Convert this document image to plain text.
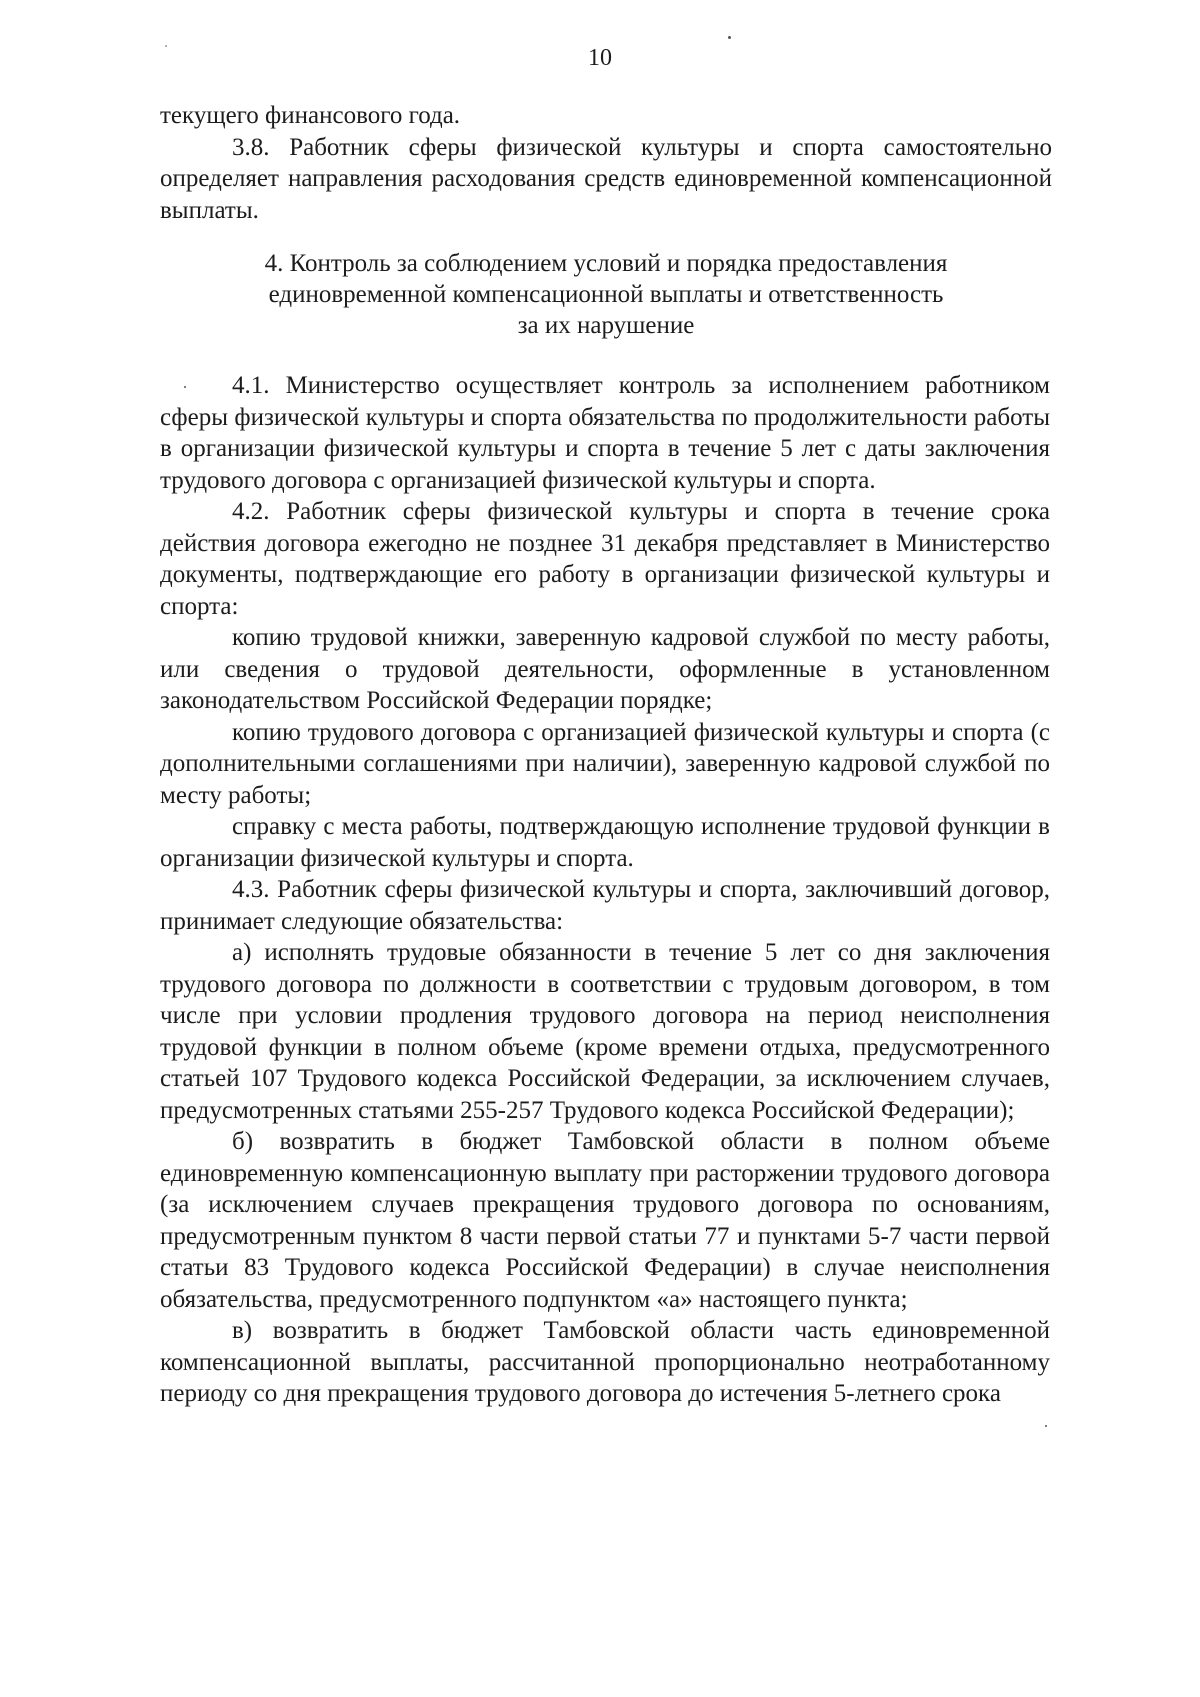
10

текущего финансового года.

3.8. Работник сферы физической культуры и спорта самостоятельно определяет направления расходования средств единовременной компенсационной выплаты.

4. Контроль за соблюдением условий и порядка предоставления
единовременной компенсационной выплаты и ответственность
за их нарушение

4.1. Министерство осуществляет контроль за исполнением работником сферы физической культуры и спорта обязательства по продолжительности работы в организации физической культуры и спорта в течение 5 лет с даты заключения трудового договора с организацией физической культуры и спорта.

4.2. Работник сферы физической культуры и спорта в течение срока действия договора ежегодно не позднее 31 декабря представляет в Министерство документы, подтверждающие его работу в организации физической культуры и спорта:

копию трудовой книжки, заверенную кадровой службой по месту работы, или сведения о трудовой деятельности, оформленные в установленном законодательством Российской Федерации порядке;

копию трудового договора с организацией физической культуры и спорта (с дополнительными соглашениями при наличии), заверенную кадровой службой по месту работы;

справку с места работы, подтверждающую исполнение трудовой функции в организации физической культуры и спорта.

4.3. Работник сферы физической культуры и спорта, заключивший договор, принимает следующие обязательства:

а) исполнять трудовые обязанности в течение 5 лет со дня заключения трудового договора по должности в соответствии с трудовым договором, в том числе при условии продления трудового договора на период неисполнения трудовой функции в полном объеме (кроме времени отдыха, предусмотренного статьей 107 Трудового кодекса Российской Федерации, за исключением случаев, предусмотренных статьями 255-257 Трудового кодекса Российской Федерации);

б) возвратить в бюджет Тамбовской области в полном объеме единовременную компенсационную выплату при расторжении трудового договора (за исключением случаев прекращения трудового договора по основаниям, предусмотренным пунктом 8 части первой статьи 77 и пунктами 5-7 части первой статьи 83 Трудового кодекса Российской Федерации) в случае неисполнения обязательства, предусмотренного подпунктом «а» настоящего пункта;

в) возвратить в бюджет Тамбовской области часть единовременной компенсационной выплаты, рассчитанной пропорционально неотработанному периоду со дня прекращения трудового договора до истечения 5-летнего срока
